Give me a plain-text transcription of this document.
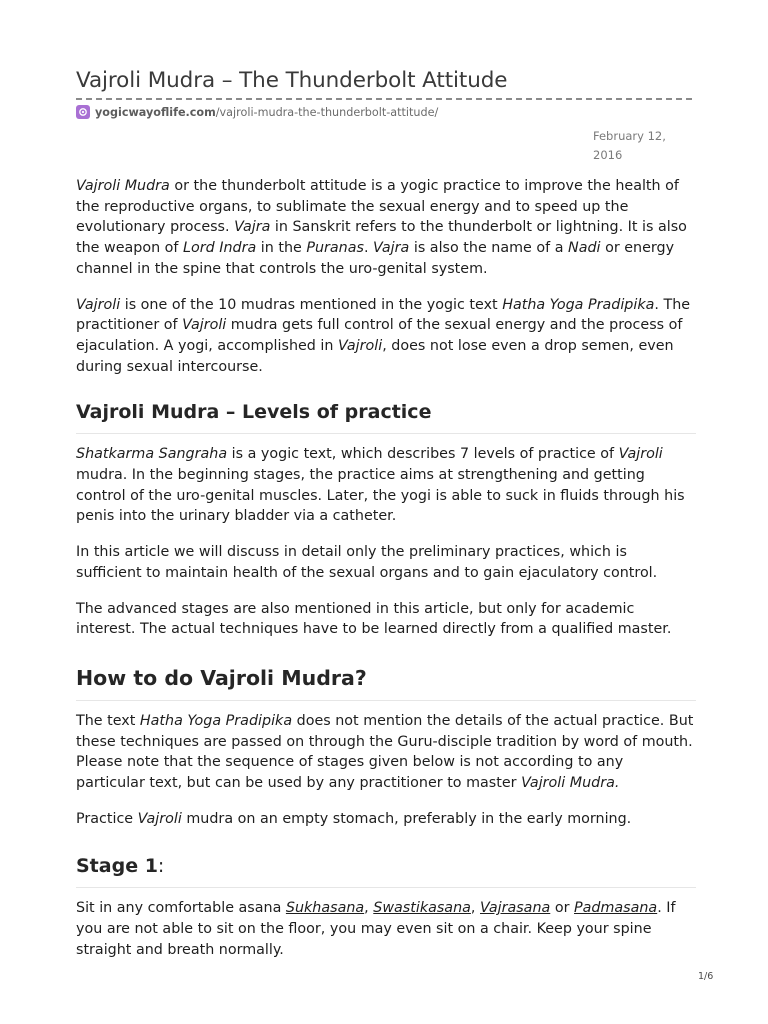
Vajroli Mudra – The Thunderbolt Attitude
yogicwayoflife.com /vajroli-mudra-the-thunderbolt-attitude/
February 12,
2016

Vajroli Mudra or the thunderbolt attitude is a yogic practice to improve the health of the reproductive organs, to sublimate the sexual energy and to speed up the evolutionary process. Vajra in Sanskrit refers to the thunderbolt or lightning. It is also the weapon of Lord Indra in the Puranas. Vajra is also the name of a Nadi or energy channel in the spine that controls the uro-genital system.

Vajroli is one of the 10 mudras mentioned in the yogic text Hatha Yoga Pradipika. The practitioner of Vajroli mudra gets full control of the sexual energy and the process of ejaculation. A yogi, accomplished in Vajroli, does not lose even a drop semen, even during sexual intercourse.

Vajroli Mudra – Levels of practice

Shatkarma Sangraha is a yogic text, which describes 7 levels of practice of Vajroli mudra. In the beginning stages, the practice aims at strengthening and getting control of the uro-genital muscles. Later, the yogi is able to suck in fluids through his penis into the urinary bladder via a catheter.

In this article we will discuss in detail only the preliminary practices, which is sufficient to maintain health of the sexual organs and to gain ejaculatory control.

The advanced stages are also mentioned in this article, but only for academic interest. The actual techniques have to be learned directly from a qualified master.

How to do Vajroli Mudra?

The text Hatha Yoga Pradipika does not mention the details of the actual practice. But these techniques are passed on through the Guru-disciple tradition by word of mouth. Please note that the sequence of stages given below is not according to any particular text, but can be used by any practitioner to master Vajroli Mudra.

Practice Vajroli mudra on an empty stomach, preferably in the early morning.

Stage 1:

Sit in any comfortable asana Sukhasana, Swastikasana, Vajrasana or Padmasana. If you are not able to sit on the floor, you may even sit on a chair. Keep your spine straight and breath normally.

1/6
